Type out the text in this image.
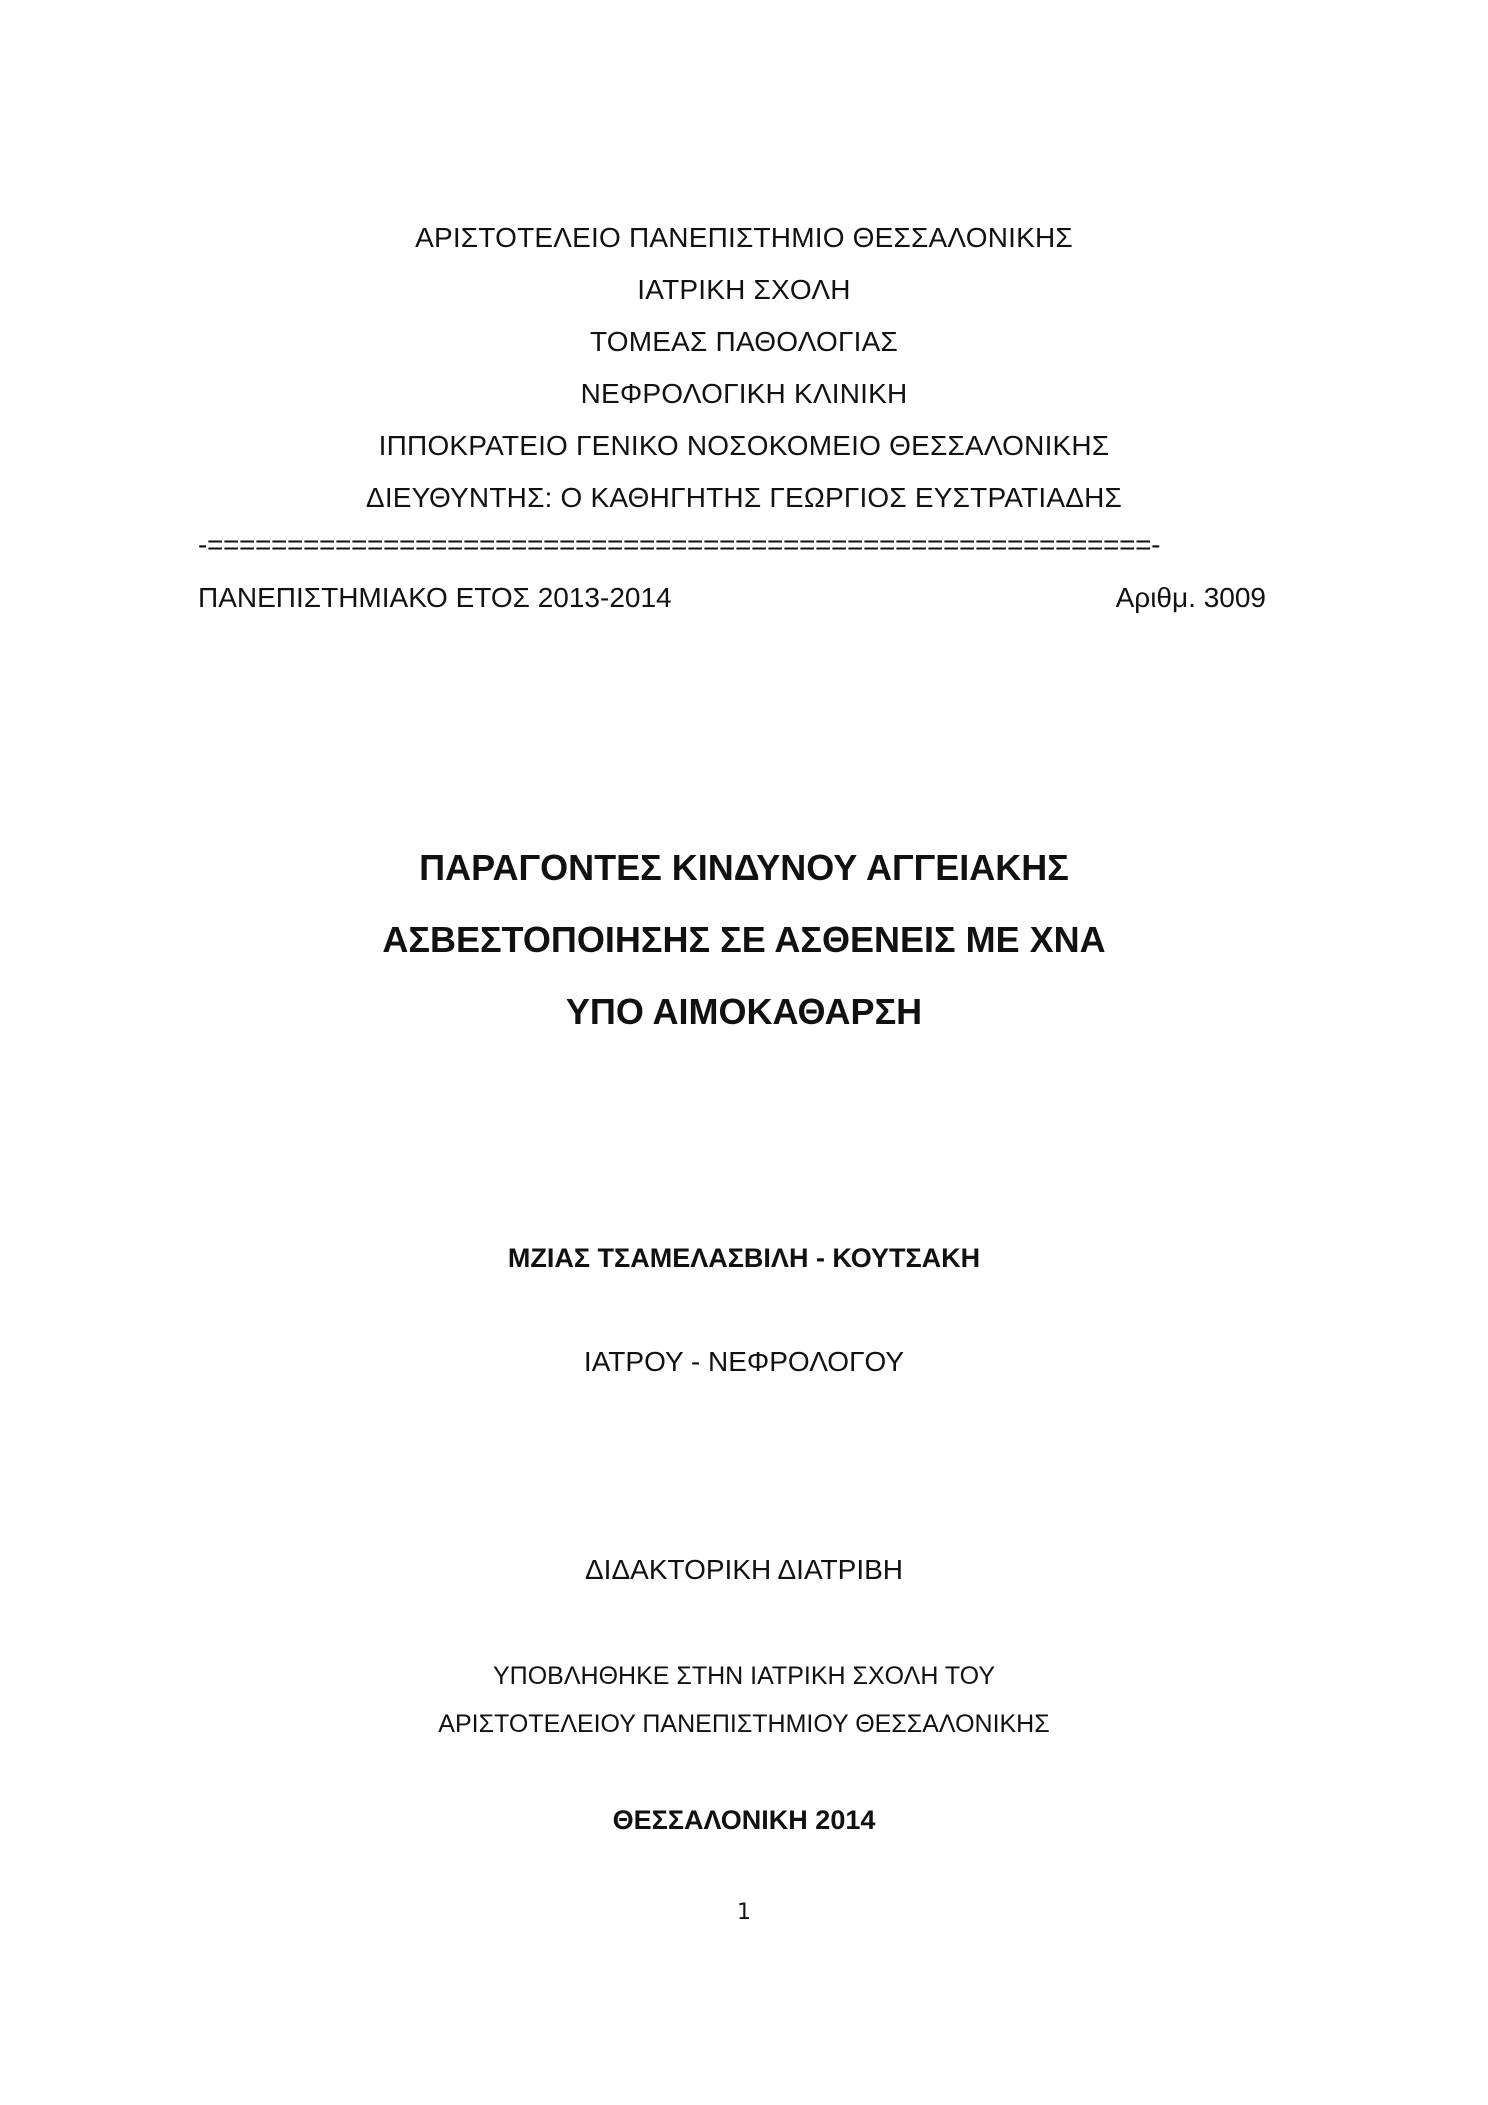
ΑΡΙΣΤΟΤΕΛΕΙΟ ΠΑΝΕΠΙΣΤΗΜΙΟ ΘΕΣΣΑΛΟΝΙΚΗΣ
ΙΑΤΡΙΚΗ ΣΧΟΛΗ
ΤΟΜΕΑΣ ΠΑΘΟΛΟΓΙΑΣ
ΝΕΦΡΟΛΟΓΙΚΗ ΚΛΙΝΙΚΗ
ΙΠΠΟΚΡΑΤΕΙΟ ΓΕΝΙΚΟ ΝΟΣΟΚΟΜΕΙΟ ΘΕΣΣΑΛΟΝΙΚΗΣ
ΔΙΕΥΘΥΝΤΗΣ: Ο ΚΑΘΗΓΗΤΗΣ ΓΕΩΡΓΙΟΣ ΕΥΣΤΡΑΤΙΑΔΗΣ
-===========================================================-
ΠΑΝΕΠΙΣΤΗΜΙΑΚΟ ΕΤΟΣ 2013-2014	Αριθμ. 3009
ΠΑΡΑΓΟΝΤΕΣ ΚΙΝΔΥΝΟΥ ΑΓΓΕΙΑΚΗΣ
ΑΣΒΕΣΤΟΠΟΙΗΣΗΣ ΣΕ ΑΣΘΕΝΕΙΣ ΜΕ ΧΝΑ
ΥΠΟ ΑΙΜΟΚΑΘΑΡΣΗ
ΜΖΙΑΣ ΤΣΑΜΕΛΑΣΒΙΛΗ - ΚΟΥΤΣΑΚΗ
ΙΑΤΡΟΥ - ΝΕΦΡΟΛΟΓΟΥ
ΔΙΔΑΚΤΟΡΙΚΗ ΔΙΑΤΡΙΒΗ
ΥΠΟΒΛΗΘΗΚΕ ΣΤΗΝ ΙΑΤΡΙΚΗ ΣΧΟΛΗ ΤΟΥ
ΑΡΙΣΤΟΤΕΛΕΙΟΥ ΠΑΝΕΠΙΣΤΗΜΙΟΥ ΘΕΣΣΑΛΟΝΙΚΗΣ
ΘΕΣΣΑΛΟΝΙΚΗ 2014
1
